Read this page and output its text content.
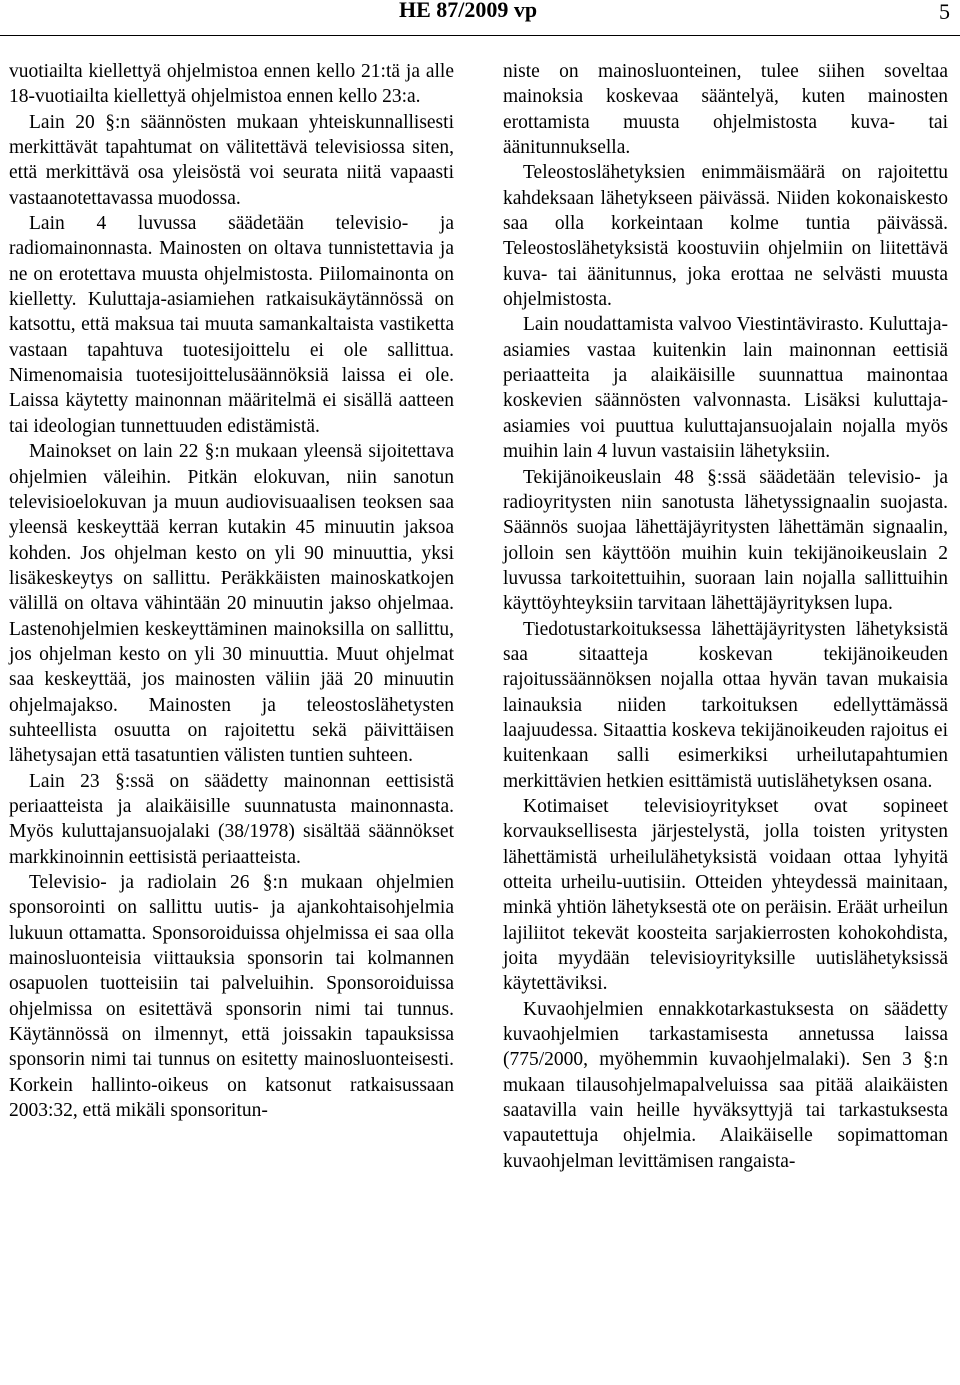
HE 87/2009 vp	5

vuotiailta kiellettyä ohjelmistoa ennen kello 21:tä ja alle 18-vuotiailta kiellettyä ohjelmistoa ennen kello 23:a.

Lain 20 §:n säännösten mukaan yhteiskunnallisesti merkittävät tapahtumat on välitettävä televisiossa siten, että merkittävä osa yleisöstä voi seurata niitä vapaasti vastaanotettavassa muodossa.

Lain 4 luvussa säädetään televisio- ja radiomainonnasta. Mainosten on oltava tunnistettavia ja ne on erotettava muusta ohjelmistosta. Piilomainonta on kielletty. Kuluttaja-asiamiehen ratkaisukäytännössä on katsottu, että maksua tai muuta samankaltaista vastiketta vastaan tapahtuva tuotesijoittelu ei ole sallittua. Nimenomaisia tuotesijoittelusäännöksiä laissa ei ole. Laissa käytetty mainonnan määritelmä ei sisällä aatteen tai ideologian tunnettuuden edistämistä.

Mainokset on lain 22 §:n mukaan yleensä sijoitettava ohjelmien väleihin. Pitkän elokuvan, niin sanotun televisioelokuvan ja muun audiovisuaalisen teoksen saa yleensä keskeyttää kerran kutakin 45 minuutin jaksoa kohden. Jos ohjelman kesto on yli 90 minuuttia, yksi lisäkeskeytys on sallittu. Peräkkäisten mainoskatkojen välillä on oltava vähintään 20 minuutin jakso ohjelmaa. Lastenohjelmien keskeyttäminen mainoksilla on sallittu, jos ohjelman kesto on yli 30 minuuttia. Muut ohjelmat saa keskeyttää, jos mainosten väliin jää 20 minuutin ohjelmajakso. Mainosten ja teleostoslähetysten suhteellista osuutta on rajoitettu sekä päivittäisen lähetysajan että tasatuntien välisten tuntien suhteen.

Lain 23 §:ssä on säädetty mainonnan eettisistä periaatteista ja alaikäisille suunnatusta mainonnasta. Myös kuluttajansuojalaki (38/1978) sisältää säännökset markkinoinnin eettisistä periaatteista.

Televisio- ja radiolain 26 §:n mukaan ohjelmien sponsorointi on sallittu uutis- ja ajankohtaisohjelmia lukuun ottamatta. Sponsoroiduissa ohjelmissa ei saa olla mainosluonteisia viittauksia sponsorin tai kolmannen osapuolen tuotteisiin tai palveluihin. Sponsoroiduissa ohjelmissa on esitettävä sponsorin nimi tai tunnus. Käytännössä on ilmennyt, että joissakin tapauksissa sponsorin nimi tai tunnus on esitetty mainosluonteisesti. Korkein hallinto-oikeus on katsonut ratkaisussaan 2003:32, että mikäli sponsoritun-

niste on mainosluonteinen, tulee siihen soveltaa mainoksia koskevaa sääntelyä, kuten mainosten erottamista muusta ohjelmistosta kuva- tai äänitunnuksella.

Teleostoslähetyksien enimmäismäärä on rajoitettu kahdeksaan lähetykseen päivässä. Niiden kokonaiskesto saa olla korkeintaan kolme tuntia päivässä. Teleostoslähetyksistä koostuviin ohjelmiin on liitettävä kuva- tai äänitunnus, joka erottaa ne selvästi muusta ohjelmistosta.

Lain noudattamista valvoo Viestintävirasto. Kuluttaja-asiamies vastaa kuitenkin lain mainonnan eettisiä periaatteita ja alaikäisille suunnattua mainontaa koskevien säännösten valvonnasta. Lisäksi kuluttaja-asiamies voi puuttua kuluttajansuojalain nojalla myös muihin lain 4 luvun vastaisiin lähetyksiin.

Tekijänoikeuslain 48 §:ssä säädetään televisio- ja radioyritysten niin sanotusta lähetyssignaalin suojasta. Säännös suojaa lähettäjäyritysten lähettämän signaalin, jolloin sen käyttöön muihin kuin tekijänoikeuslain 2 luvussa tarkoitettuihin, suoraan lain nojalla sallittuihin käyttöyhteyksiin tarvitaan lähettäjäyrityksen lupa.

Tiedotustarkoituksessa lähettäjäyritysten lähetyksistä saa sitaatteja koskevan tekijänoikeuden rajoitussäännöksen nojalla ottaa hyvän tavan mukaisia lainauksia niiden tarkoituksen edellyttämässä laajuudessa. Sitaattia koskeva tekijänoikeuden rajoitus ei kuitenkaan salli esimerkiksi urheilutapahtumien merkittävien hetkien esittämistä uutislähetyksen osana.

Kotimaiset televisioyritykset ovat sopineet korvauksellisesta järjestelystä, jolla toisten yritysten lähettämistä urheilulähetyksistä voidaan ottaa lyhyitä otteita urheilu-uutisiin. Otteiden yhteydessä mainitaan, minkä yhtiön lähetyksestä ote on peräisin. Eräät urheilun lajiliitot tekevät koosteita sarjakierrosten kohokohdista, joita myydään televisioyrityksille uutislähetyksissä käytettäviksi.

Kuvaohjelmien ennakkotarkastuksesta on säädetty kuvaohjelmien tarkastamisesta annetussa laissa (775/2000, myöhemmin kuvaohjelmalaki). Sen 3 §:n mukaan tilausohjelmapalveluissa saa pitää alaikäisten saatavilla vain heille hyväksyttyjä tai tarkastuksesta vapautettuja ohjelmia. Alaikäiselle sopimattoman kuvaohjelman levittämisen rangaista-
